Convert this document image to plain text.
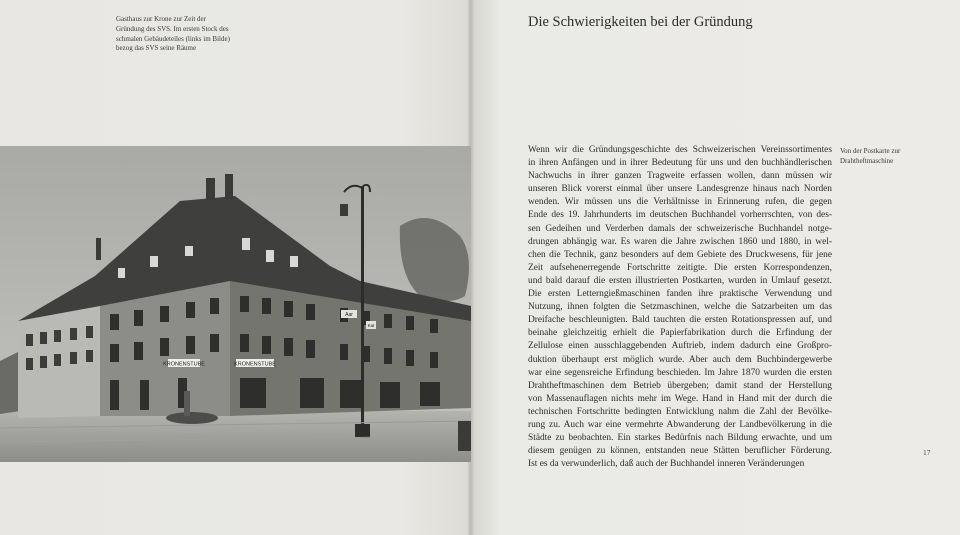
Gasthaus zur Krone zur Zeit der
Gründung des SVS. Im ersten Stock des
schmalen Gebäudeteiles (links im Bilde)
bezog das SVS seine Räume
KRONENSTUBE	KRONENSTUBE
Aar
Kat
Die Schwierigkeiten bei der Gründung
Von der Postkarte zur
Drahtheftmaschine
Wenn wir die Gründungsgeschichte des Schweizerischen Vereinssortimentes
in ihren Anfängen und in ihrer Bedeutung für uns und den buchhändlerischen
Nachwuchs in ihrer ganzen Tragweite erfassen wollen, dann müssen wir
unseren Blick vorerst einmal über unsere Landesgrenze hinaus nach Norden
wenden. Wir müssen uns die Verhältnisse in Erinnerung rufen, die gegen
Ende des 19. Jahrhunderts im deutschen Buchhandel vorherrschten, von des-
sen Gedeihen und Verderben damals der schweizerische Buchhandel notge-
drungen abhängig war. Es waren die Jahre zwischen 1860 und 1880, in wel-
chen die Technik, ganz besonders auf dem Gebiete des Druckwesens, für jene
Zeit aufsehenerregende Fortschritte zeitigte. Die ersten Korrespondenzen,
und bald darauf die ersten illustrierten Postkarten, wurden in Umlauf gesetzt.
Die ersten Letterngießmaschinen fanden ihre praktische Verwendung und
Nutzung, ihnen folgten die Setzmaschinen, welche die Satzarbeiten um das
Dreifache beschleunigten. Bald tauchten die ersten Rotationspressen auf, und
beinahe gleichzeitig erhielt die Papierfabrikation durch die Erfindung der
Zellulose einen ausschlaggebenden Auftrieb, indem dadurch eine Großpro-
duktion überhaupt erst möglich wurde. Aber auch dem Buchbindergewerbe
war eine segensreiche Erfindung beschieden. Im Jahre 1870 wurden die ersten
Drahtheftmaschinen dem Betrieb übergeben; damit stand der Herstellung
von Massenauflagen nichts mehr im Wege. Hand in Hand mit der durch die
technischen Fortschritte bedingten Entwicklung nahm die Zahl der Bevölke-
rung zu. Auch war eine vermehrte Abwanderung der Landbevölkerung in die
Städte zu beobachten. Ein starkes Bedürfnis nach Bildung erwachte, und um
diesem genügen zu können, entstanden neue Stätten beruflicher Förderung.
Ist es da verwunderlich, daß auch der Buchhandel inneren Veränderungen
17
